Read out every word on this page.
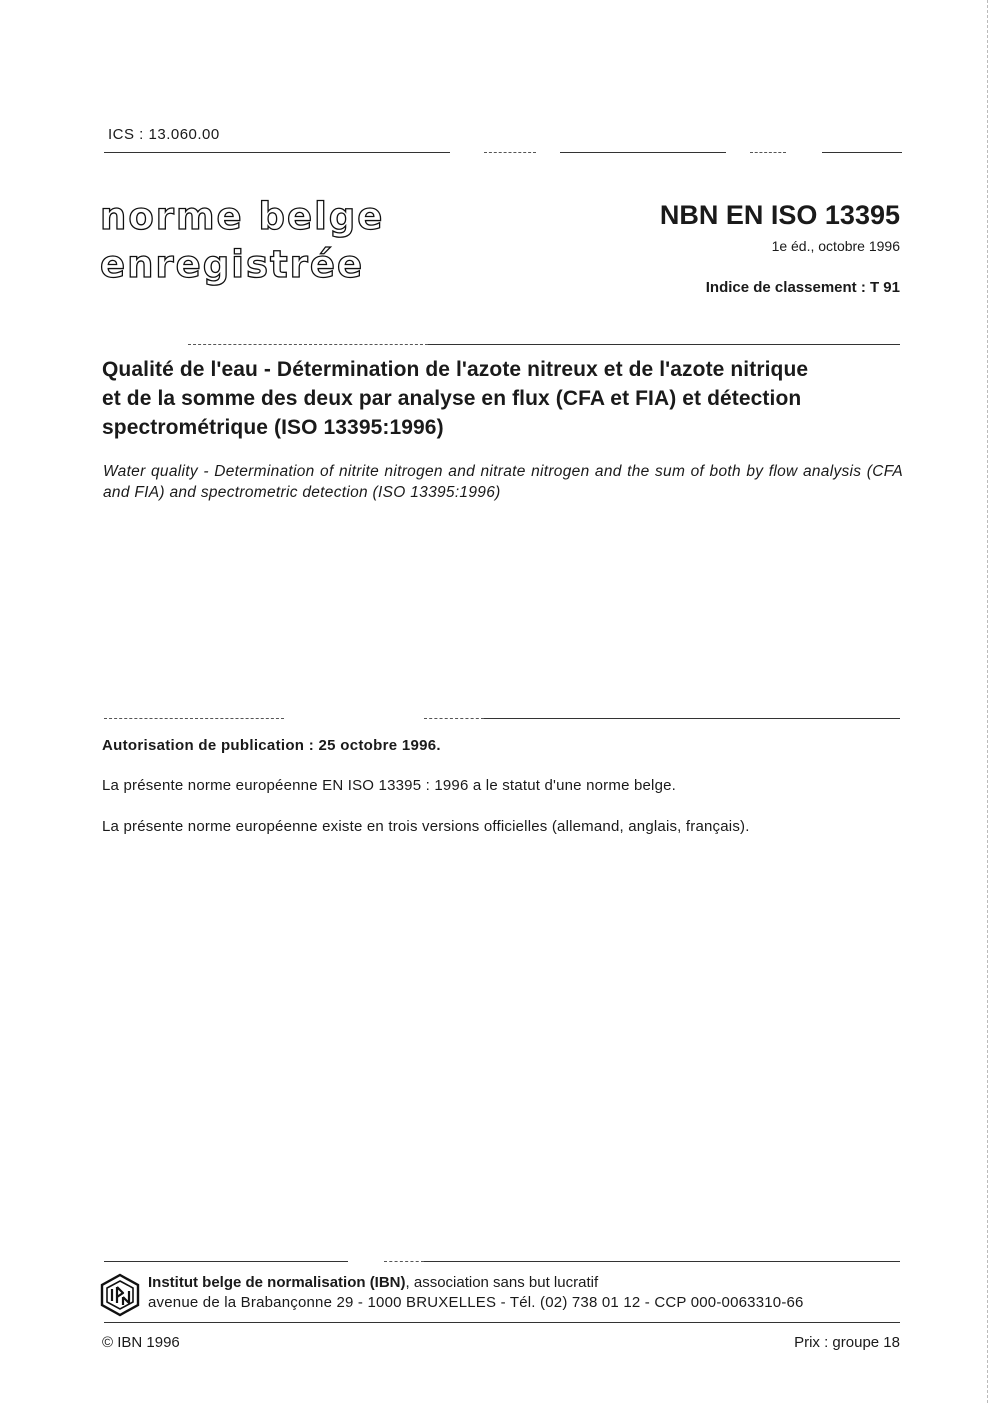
ICS : 13.060.00
norme belge
enregistrée
NBN EN ISO 13395
1e éd., octobre 1996
Indice de classement : T 91
Qualité de l'eau - Détermination de l'azote nitreux et de l'azote nitrique
et de la somme des deux par analyse en flux (CFA et FIA) et détection
spectrométrique (ISO 13395:1996)
Water quality - Determination of nitrite nitrogen and nitrate nitrogen and the sum of both by flow analysis (CFA and FIA) and spectrometric detection (ISO 13395:1996)
Autorisation de publication : 25 octobre 1996.
La présente norme européenne EN ISO 13395 : 1996 a le statut d'une norme belge.
La présente norme européenne existe en trois versions officielles (allemand, anglais, français).
Institut belge de normalisation (IBN), association sans but lucratif
avenue de la Brabançonne 29 - 1000 BRUXELLES - Tél. (02) 738 01 12 - CCP 000-0063310-66
© IBN 1996	Prix : groupe 18
